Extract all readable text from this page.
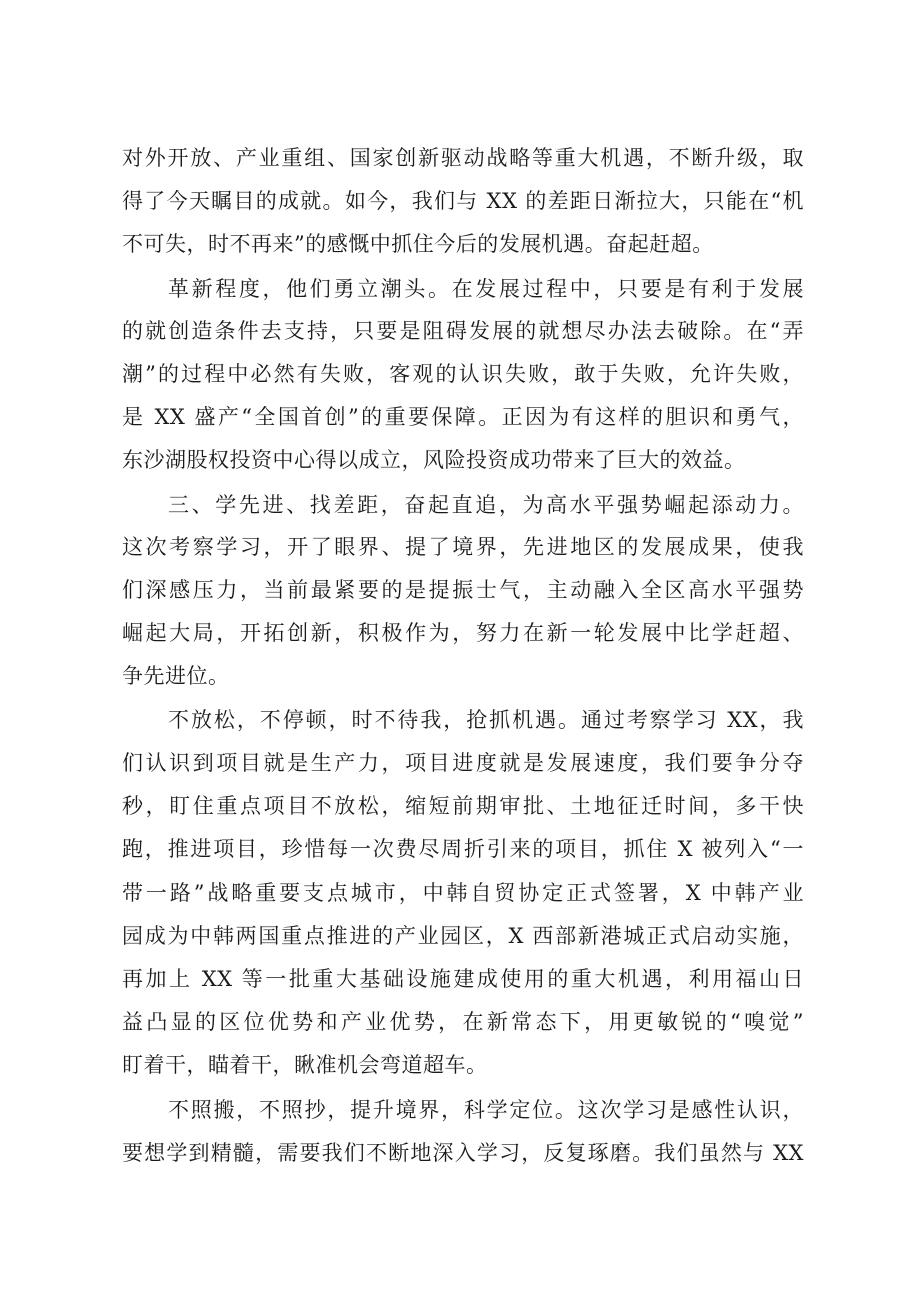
对外开放、产业重组、国家创新驱动战略等重大机遇，不断升级，取
得了今天瞩目的成就。如今，我们与 XX 的差距日渐拉大，只能在“机
不可失，时不再来”的感慨中抓住今后的发展机遇。奋起赶超。
革新程度，他们勇立潮头。在发展过程中，只要是有利于发展
的就创造条件去支持，只要是阻碍发展的就想尽办法去破除。在“弄
潮”的过程中必然有失败，客观的认识失败，敢于失败，允许失败，
是 XX 盛产“全国首创”的重要保障。正因为有这样的胆识和勇气，
东沙湖股权投资中心得以成立，风险投资成功带来了巨大的效益。
三、学先进、找差距，奋起直追，为高水平强势崛起添动力。
这次考察学习，开了眼界、提了境界，先进地区的发展成果，使我
们深感压力，当前最紧要的是提振士气，主动融入全区高水平强势
崛起大局，开拓创新，积极作为，努力在新一轮发展中比学赶超、
争先进位。
不放松，不停顿，时不待我，抢抓机遇。通过考察学习 XX，我
们认识到项目就是生产力，项目进度就是发展速度，我们要争分夺
秒，盯住重点项目不放松，缩短前期审批、土地征迁时间，多干快
跑，推进项目，珍惜每一次费尽周折引来的项目，抓住 X 被列入“一
带一路”战略重要支点城市，中韩自贸协定正式签署，X 中韩产业
园成为中韩两国重点推进的产业园区，X 西部新港城正式启动实施，
再加上 XX 等一批重大基础设施建成使用的重大机遇，利用福山日
益凸显的区位优势和产业优势，在新常态下，用更敏锐的“嗅觉”
盯着干，瞄着干，瞅准机会弯道超车。
不照搬，不照抄，提升境界，科学定位。这次学习是感性认识，
要想学到精髓，需要我们不断地深入学习，反复琢磨。我们虽然与 XX
